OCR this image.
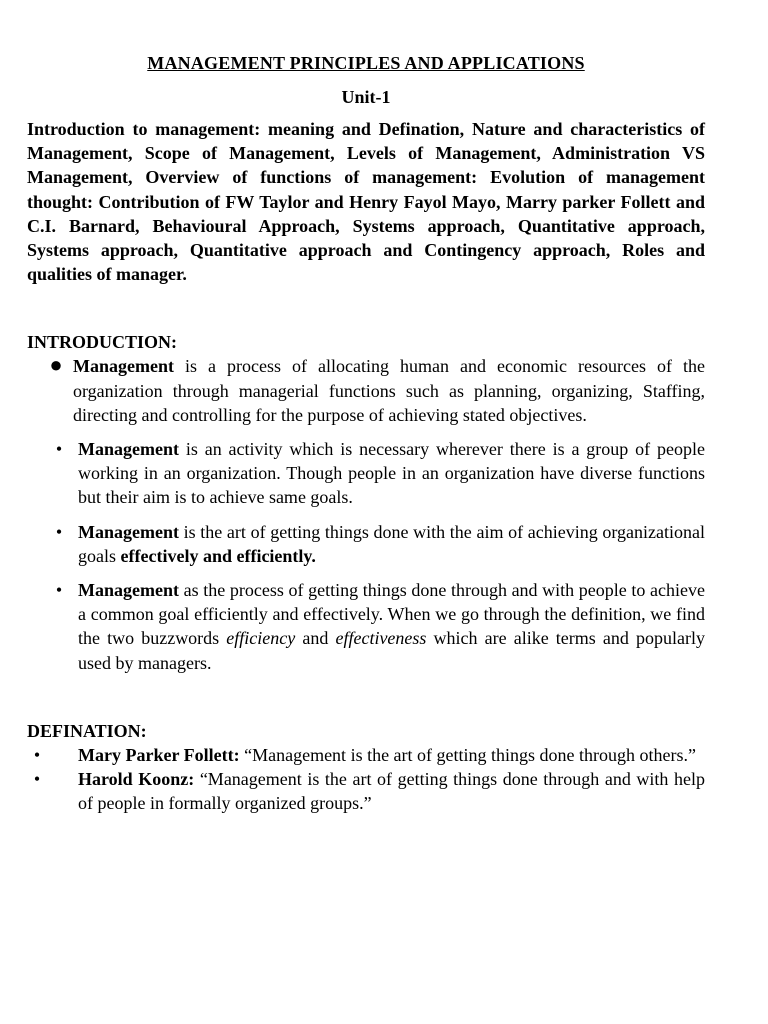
MANAGEMENT PRINCIPLES AND APPLICATIONS
Unit-1

Introduction to management: meaning and Defination, Nature and characteristics of Management, Scope of Management, Levels of Management, Administration VS Management, Overview of functions of management: Evolution of management thought: Contribution of FW Taylor and Henry Fayol Mayo, Marry parker Follett and C.I. Barnard, Behavioural Approach, Systems approach, Quantitative approach, Systems approach, Quantitative approach and Contingency approach, Roles and qualities of manager.

INTRODUCTION:
● Management is a process of allocating human and economic resources of the organization through managerial functions such as planning, organizing, Staffing, directing and controlling for the purpose of achieving stated objectives.
• Management is an activity which is necessary wherever there is a group of people working in an organization. Though people in an organization have diverse functions but their aim is to achieve same goals.
• Management is the art of getting things done with the aim of achieving organizational goals effectively and efficiently.
• Management as the process of getting things done through and with people to achieve a common goal efficiently and effectively. When we go through the definition, we find the two buzzwords efficiency and effectiveness which are alike terms and popularly used by managers.
DEFINATION:
•	Mary Parker Follett: “Management is the art of getting things done through others.”
•	Harold Koonz: “Management is the art of getting things done through and with help of people in formally organized groups.”
